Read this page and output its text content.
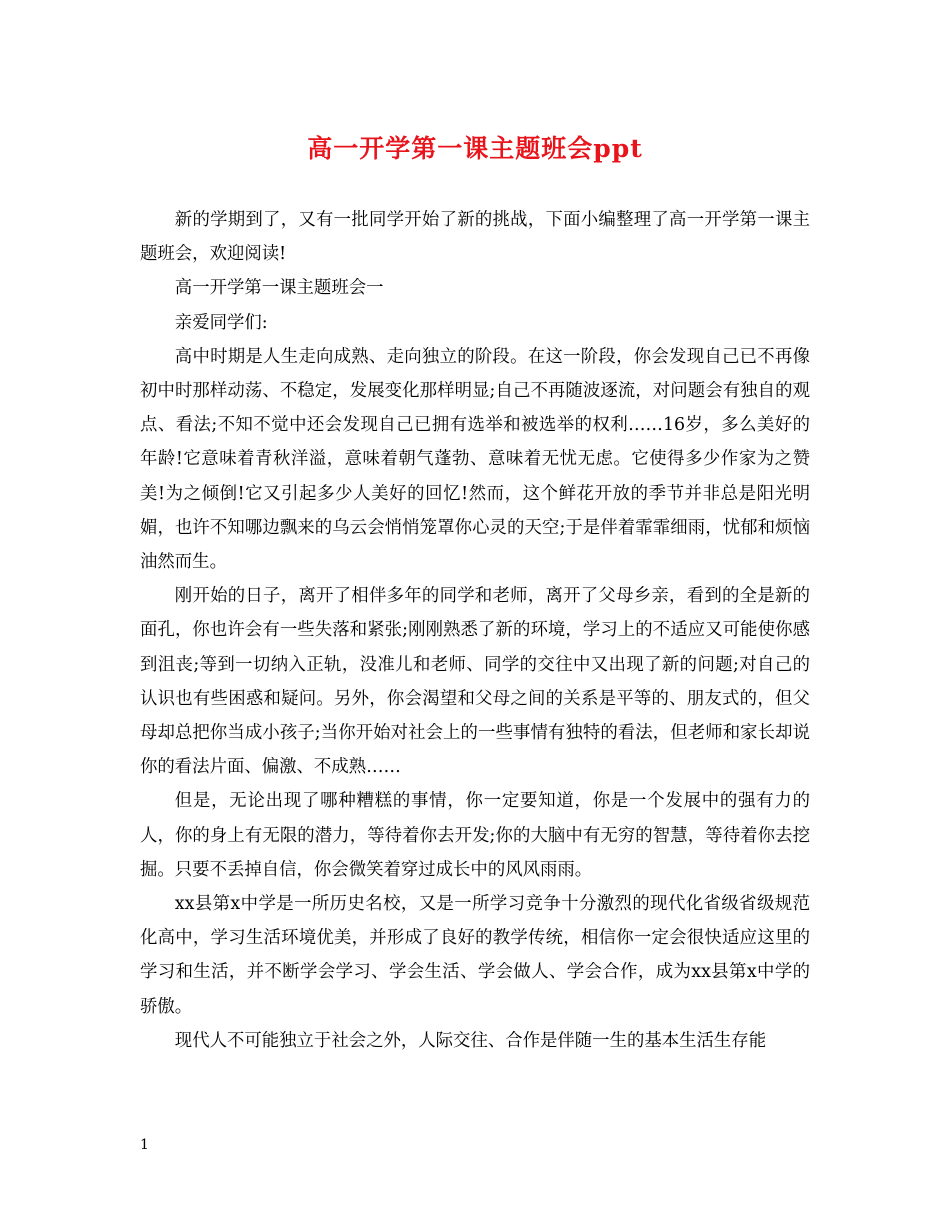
高一开学第一课主题班会ppt

新的学期到了，又有一批同学开始了新的挑战，下面小编整理了高一开学第一课主题班会，欢迎阅读!

高一开学第一课主题班会一

亲爱同学们:

高中时期是人生走向成熟、走向独立的阶段。在这一阶段，你会发现自己已不再像初中时那样动荡、不稳定，发展变化那样明显;自己不再随波逐流，对问题会有独自的观点、看法;不知不觉中还会发现自己已拥有选举和被选举的权利……16岁，多么美好的年龄!它意味着青秋洋溢，意味着朝气蓬勃、意味着无忧无虑。它使得多少作家为之赞美!为之倾倒!它又引起多少人美好的回忆!然而，这个鲜花开放的季节并非总是阳光明媚，也许不知哪边飘来的乌云会悄悄笼罩你心灵的天空;于是伴着霏霏细雨，忧郁和烦恼油然而生。

刚开始的日子，离开了相伴多年的同学和老师，离开了父母乡亲，看到的全是新的面孔，你也许会有一些失落和紧张;刚刚熟悉了新的环境，学习上的不适应又可能使你感到沮丧;等到一切纳入正轨，没准儿和老师、同学的交往中又出现了新的问题;对自己的认识也有些困惑和疑问。另外，你会渴望和父母之间的关系是平等的、朋友式的，但父母却总把你当成小孩子;当你开始对社会上的一些事情有独特的看法，但老师和家长却说你的看法片面、偏激、不成熟……

但是，无论出现了哪种糟糕的事情，你一定要知道，你是一个发展中的强有力的人，你的身上有无限的潜力，等待着你去开发;你的大脑中有无穷的智慧，等待着你去挖掘。只要不丢掉自信，你会微笑着穿过成长中的风风雨雨。

xx县第x中学是一所历史名校，又是一所学习竞争十分激烈的现代化省级省级规范化高中，学习生活环境优美，并形成了良好的教学传统，相信你一定会很快适应这里的学习和生活，并不断学会学习、学会生活、学会做人、学会合作，成为xx县第x中学的骄傲。

现代人不可能独立于社会之外，人际交往、合作是伴随一生的基本生活生存能

1
